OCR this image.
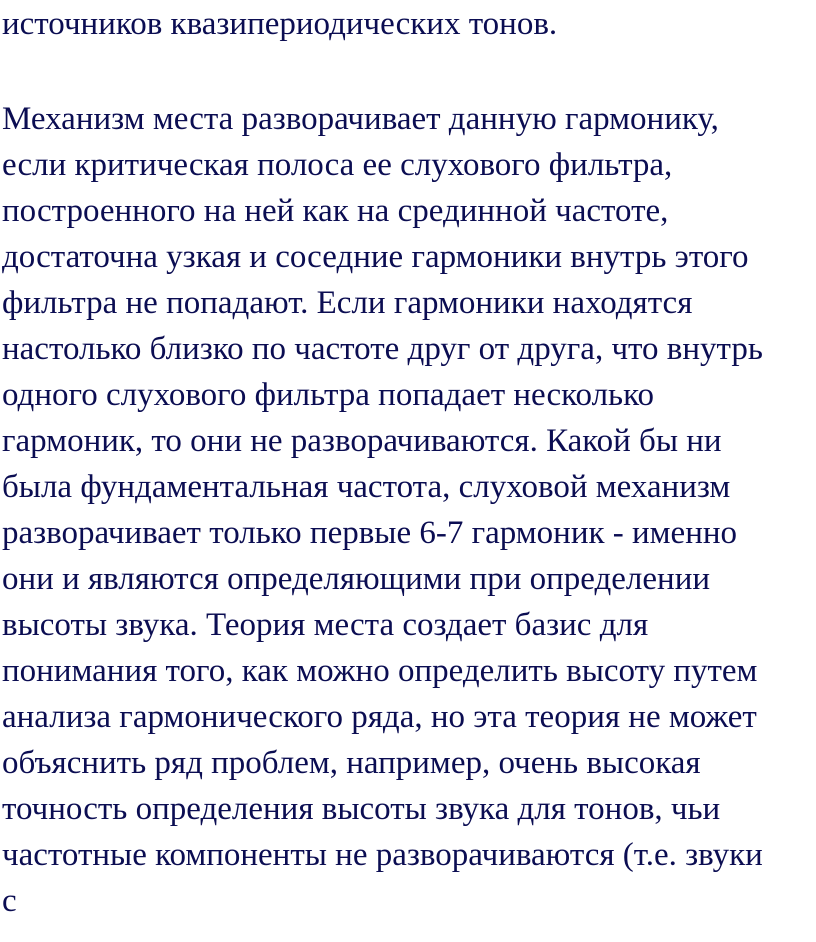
источников квазипериодических тонов.

Механизм места разворачивает данную гармонику,

если критическая полоса ее слухового фильтра,

построенного на ней как на срединной частоте,

достаточна узкая и соседние гармоники внутрь этого

фильтра не попадают. Если гармоники находятся

настолько близко по частоте друг от друга, что внутрь

одного слухового фильтра попадает несколько

гармоник, то они не разворачиваются. Какой бы ни

была фундаментальная частота, слуховой механизм

разворачивает только первые 6-7 гармоник - именно

они и являются определяющими при определении

высоты звука. Теория места создает базис для

понимания того, как можно определить высоту путем

анализа гармонического ряда, но эта теория не может

объяснить ряд проблем, например, очень высокая

точность определения высоты звука для тонов, чьи

частотные компоненты не разворачиваются (т.е. звуки

с
